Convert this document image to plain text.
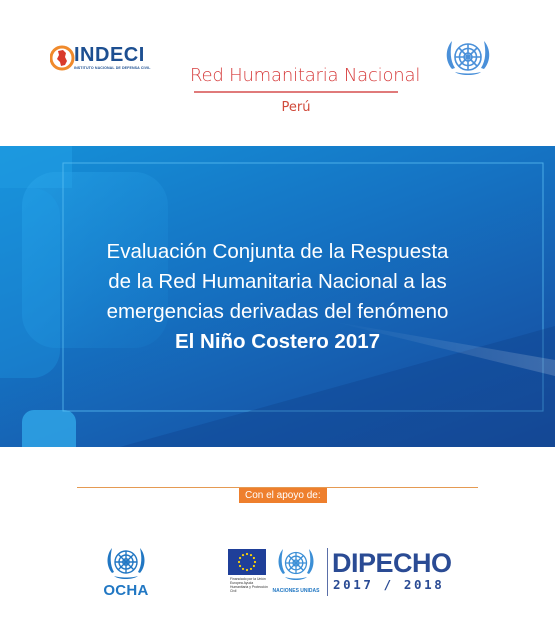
INDECI
INSTITUTO NACIONAL DE DEFENSA CIVIL Red Humanitaria Nacional
Perú
Evaluación Conjunta de la Respuesta
de la Red Humanitaria Nacional a las
emergencias derivadas del fenómeno
El Niño Costero 2017
Con el apoyo de:
OCHA
Financiado por la Unión Europea Ayuda Humanitaria y Protección Civil	NACIONES UNIDAS
DIPECHO
2017 / 2018
